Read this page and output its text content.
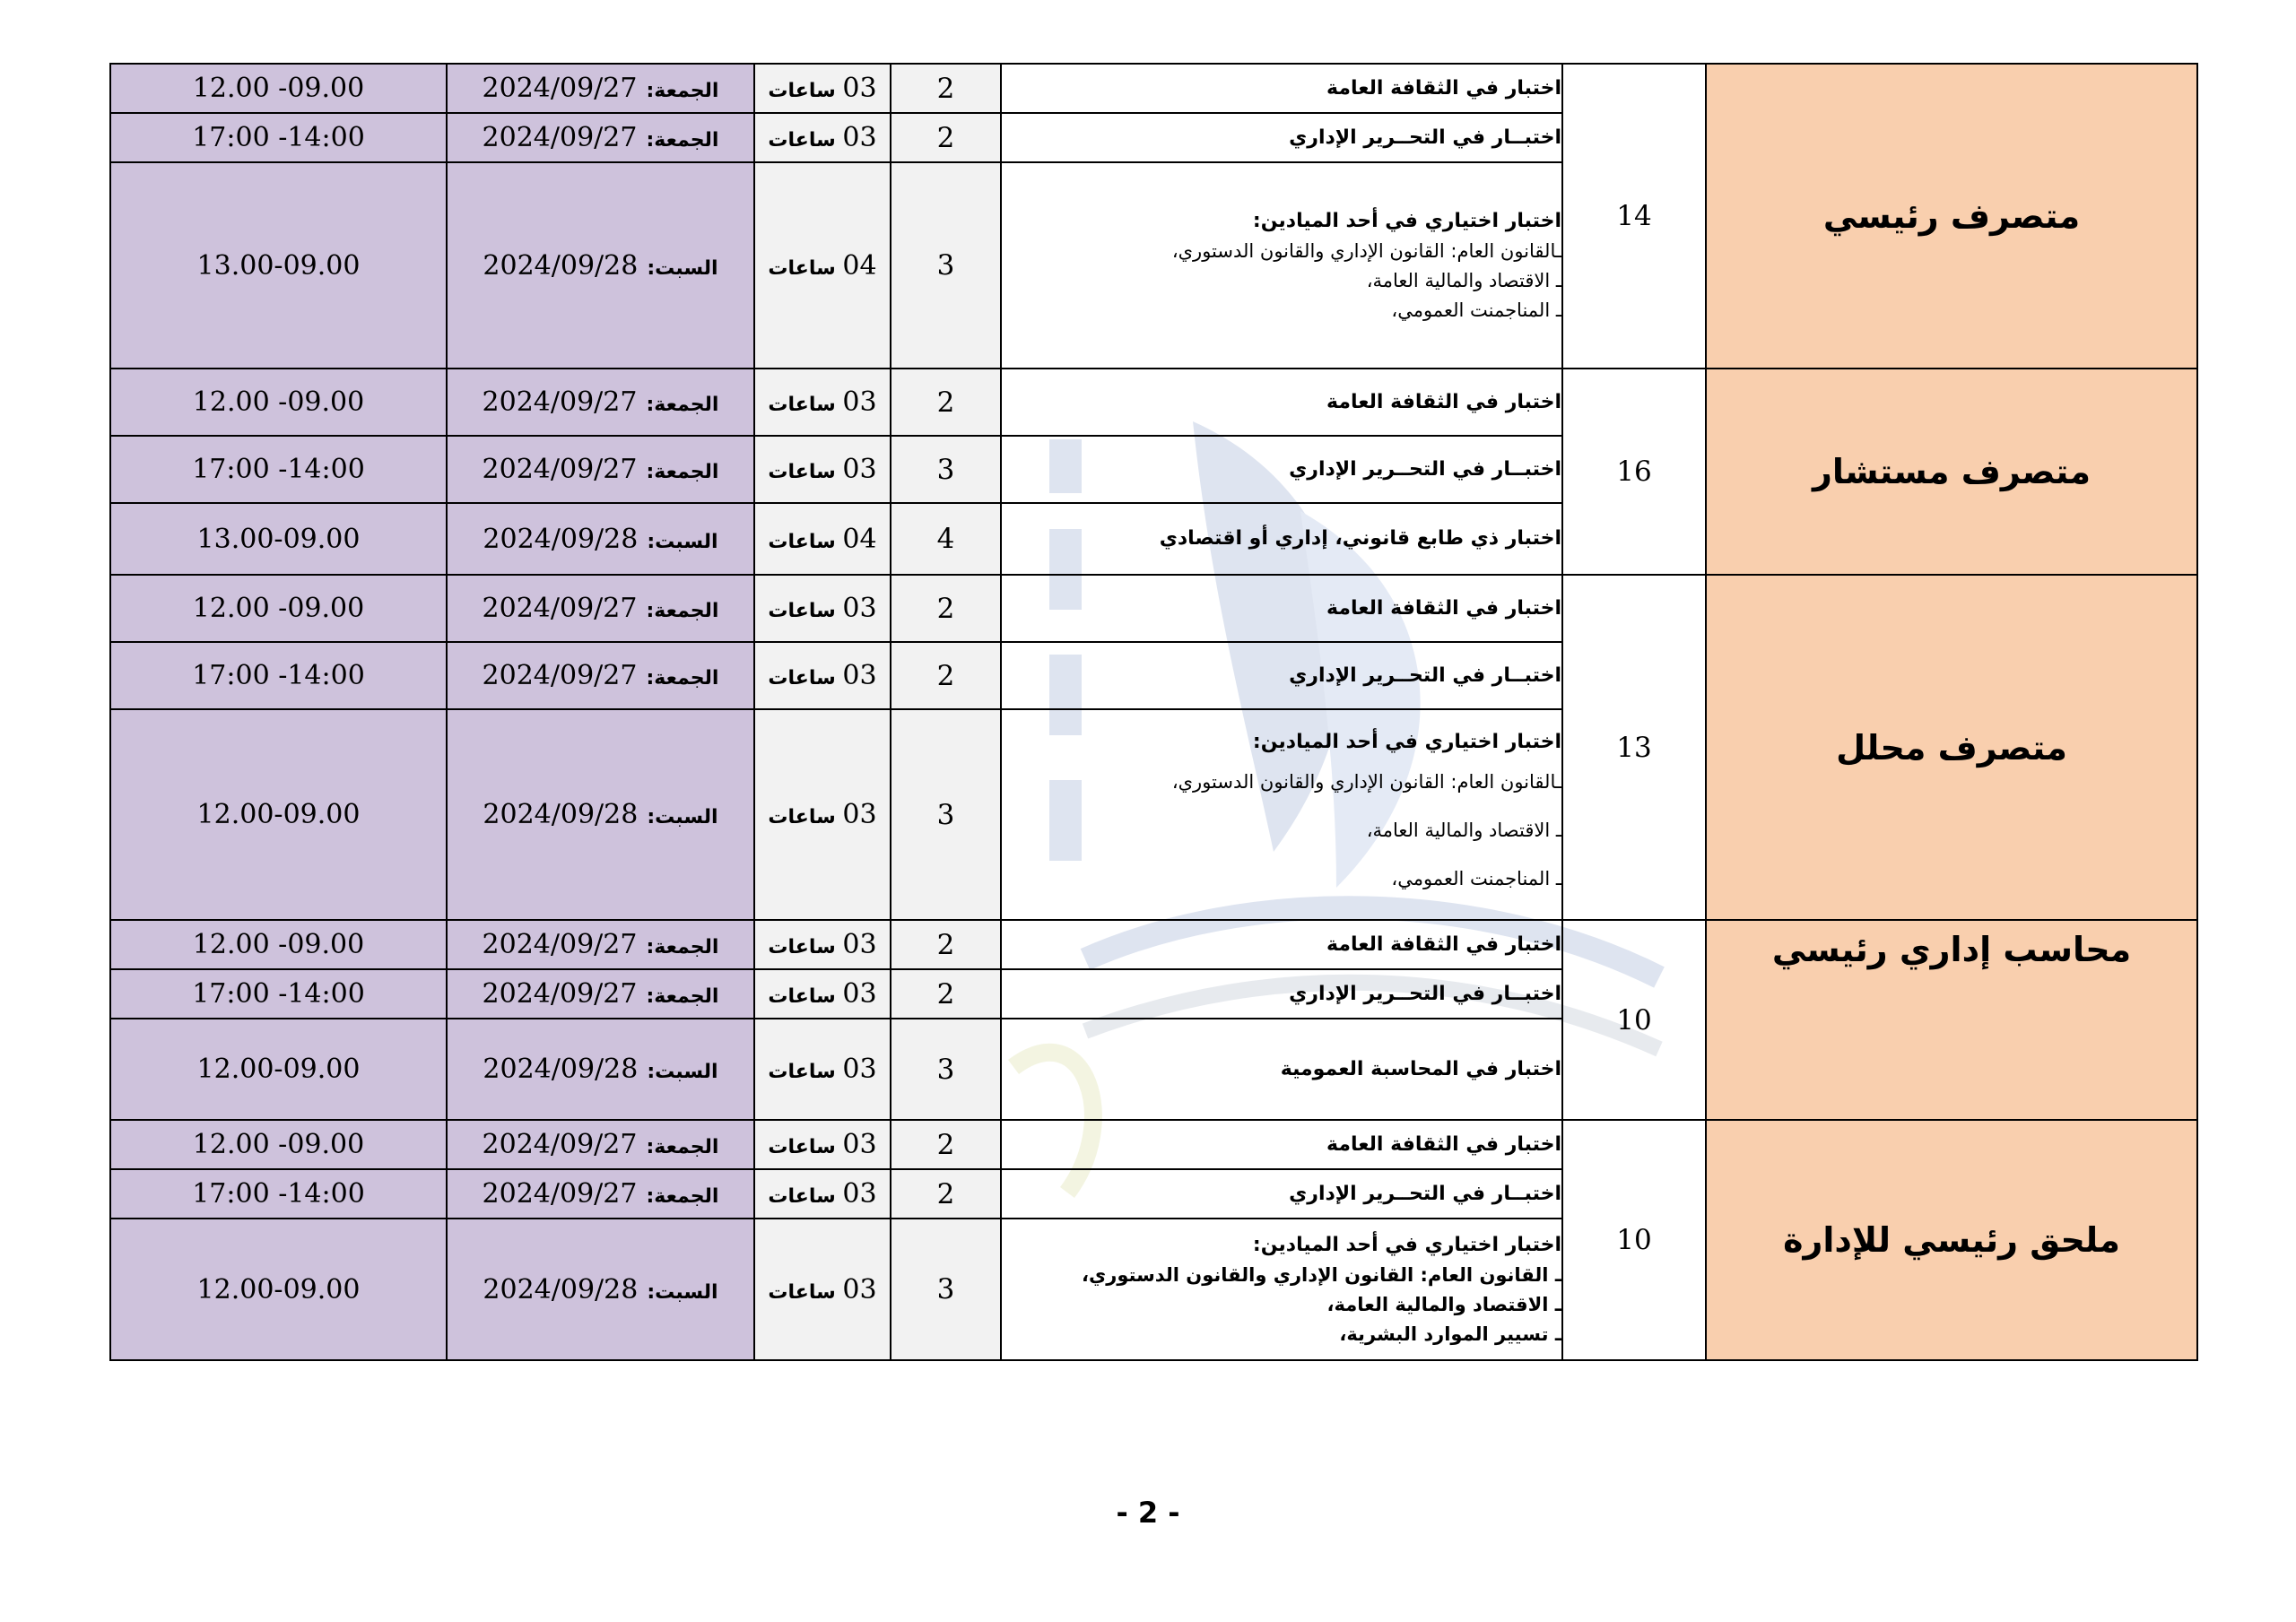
12.00 -09.00	الجمعة:2024/09/27	03 ساعات	2	اختبار في الثقافة العامة	14	متصرف رئيسي
17:00 -14:00	الجمعة:2024/09/27	03 ساعات	2	اختبــار في التحــرير الإداري		
13.00-09.00	السبت:2024/09/28	04 ساعات	3	اختبار اختياري في أحد الميادين:
ـالقانون العام: القانون الإداري والقانون الدستوري،
ـ الاقتصاد والمالية العامة،
ـ المناجمنت العمومي،		

12.00 -09.00	الجمعة:2024/09/27	03 ساعات	2	اختبار في الثقافة العامة	16	متصرف مستشار
17:00 -14:00	الجمعة:2024/09/27	03 ساعات	3	اختبــار في التحــرير الإداري		
13.00-09.00	السبت:2024/09/28	04 ساعات	4	اختبار ذي طابع قانوني، إداري أو اقتصادي		
12.00 -09.00	الجمعة:2024/09/27	03 ساعات	2	اختبار في الثقافة العامة	13	متصرف محلل
17:00 -14:00	الجمعة:2024/09/27	03 ساعات	2	اختبــار في التحــرير الإداري		
12.00-09.00	السبت:2024/09/28	03 ساعات	3	اختبار اختياري في أحد الميادين:
ـالقانون العام: القانون الإداري والقانون الدستوري،
ـ الاقتصاد والمالية العامة،
ـ المناجمنت العمومي،		

12.00 -09.00	الجمعة:2024/09/27	03 ساعات	2	اختبار في الثقافة العامة	10	محاسب إداري رئيسي
17:00 -14:00	الجمعة:2024/09/27	03 ساعات	2	اختبــار في التحــرير الإداري		
12.00-09.00	السبت:2024/09/28	03 ساعات	3	اختبار في المحاسبة العمومية		
12.00 -09.00	الجمعة:2024/09/27	03 ساعات	2	اختبار في الثقافة العامة	10	ملحق رئيسي للإدارة
17:00 -14:00	الجمعة:2024/09/27	03 ساعات	2	اختبــار في التحــرير الإداري		
12.00-09.00	السبت:2024/09/28	03 ساعات	3	اختبار اختياري في أحد الميادين:
ـ القانون العام: القانون الإداري والقانون الدستوري،
ـ الاقتصاد والمالية العامة،
ـ تسيير الموارد البشرية،		
- 2 -
